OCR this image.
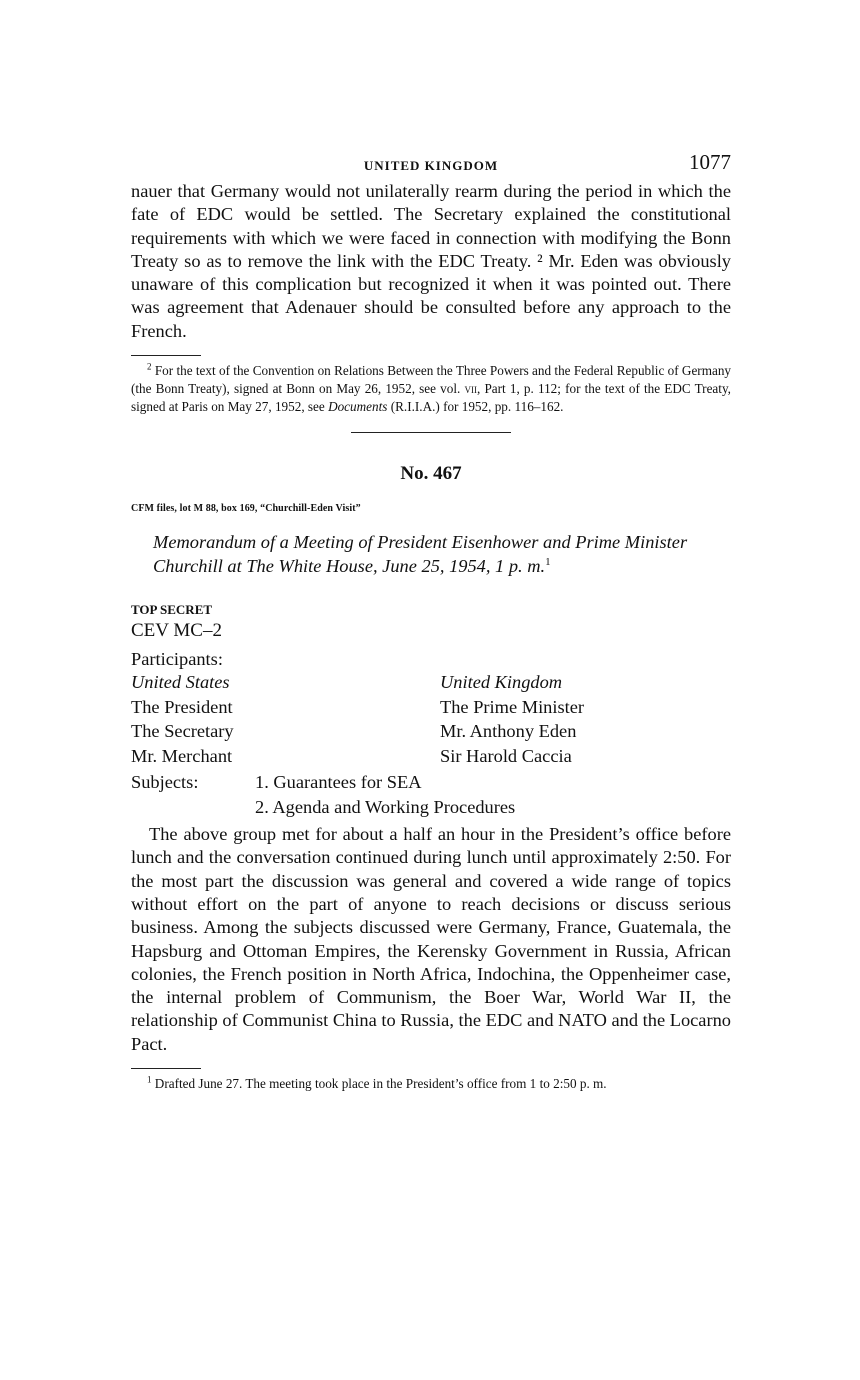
UNITED KINGDOM	1077

nauer that Germany would not unilaterally rearm during the period in which the fate of EDC would be settled. The Secretary explained the constitutional requirements with which we were faced in connection with modifying the Bonn Treaty so as to remove the link with the EDC Treaty. ² Mr. Eden was obviously unaware of this complication but recognized it when it was pointed out. There was agreement that Adenauer should be consulted before any approach to the French.

$^2$ For the text of the Convention on Relations Between the Three Powers and the Federal Republic of Germany (the Bonn Treaty), signed at Bonn on May 26, 1952, see vol. vii, Part 1, p. 112; for the text of the EDC Treaty, signed at Paris on May 27, 1952, see Documents (R.I.I.A.) for 1952, pp. 116–162.

No. 467
CFM files, lot M 88, box 169, “Churchill-Eden Visit”
Memorandum of a Meeting of President Eisenhower and Prime Minister Churchill at The White House, June 25, 1954, 1 p. m.$^1$
TOP SECRET
CEV MC–2
Participants:
United States	United Kingdom
The President	The Prime Minister
The Secretary	Mr. Anthony Eden
Mr. Merchant	Sir Harold Caccia
Subjects:	1. Guarantees for SEA
2. Agenda and Working Procedures

The above group met for about a half an hour in the President’s office before lunch and the conversation continued during lunch until approximately 2:50. For the most part the discussion was general and covered a wide range of topics without effort on the part of anyone to reach decisions or discuss serious business. Among the subjects discussed were Germany, France, Guatemala, the Hapsburg and Ottoman Empires, the Kerensky Government in Russia, African colonies, the French position in North Africa, Indochina, the Oppenheimer case, the internal problem of Communism, the Boer War, World War II, the relationship of Communist China to Russia, the EDC and NATO and the Locarno Pact.

$^1$ Drafted June 27. The meeting took place in the President’s office from 1 to 2:50 p. m.
